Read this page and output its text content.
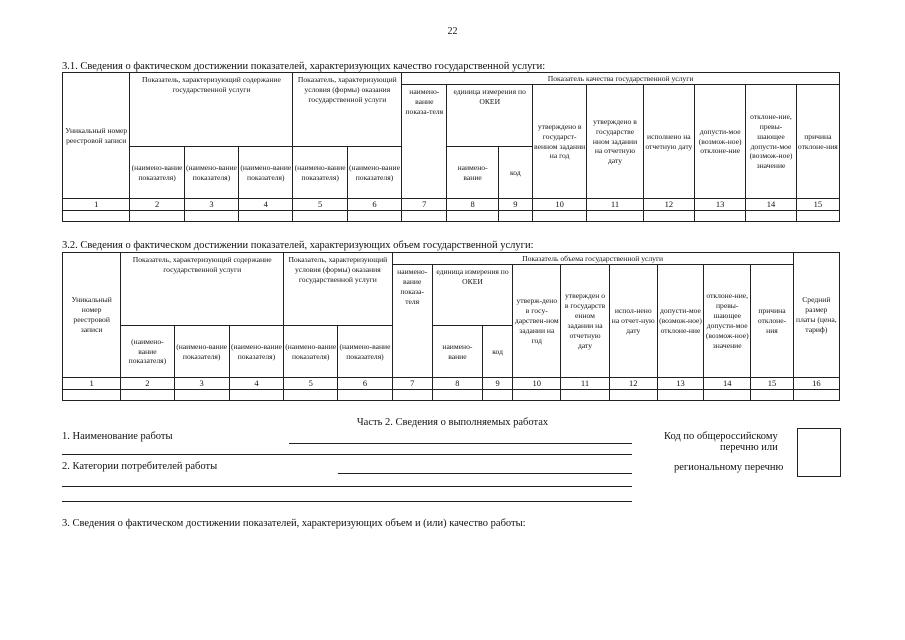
22
3.1. Сведения о фактическом достижении показателей, характеризующих качество государственной услуги:
Уникальный номер реестровой записи	Показатель, характеризующий содержание государственной услуги			Показатель, характеризующий условия (формы) оказания государственной услуги		Показатель качества государственной услуги								
						наимено-вание показа-теля	единица измерения по ОКЕИ		утверждено в государст-венном задании на год	утверждено в государстве нном задании на отчетную дату	исполнено на отчетную дату	допусти-мое (возмож-ное) отклоне-ние	отклоне-ние, превы-шающее допусти-мое (возмож-ное) значение	причина отклоне-ния
	(наимено-вание показателя)	(наимено-вание показателя)	(наимено-вание показателя)	(наимено-вание показателя)	(наимено-вание показателя)		наимено-вание	код						
1	2	3	4	5	6	7	8	9	10	11	12	13	14	15

3.2. Сведения о фактическом достижении показателей, характеризующих объем государственной услуги:
Уникальный номер реестровой записи	Показатель, характеризующий содержание государственной услуги			Показатель, характеризующий условия (формы) оказания государственной услуги		Показатель объема государственной услуги									Средний размер платы (цена, тариф)
						наимено-вание показа-теля	единица измерения по ОКЕИ		утверж-дено в госу-дарствен-ном задании на год	утвержден о в государств енном задании на отчетную дату	испол-нено на отчет-ную дату	допусти-мое (возмож-ное) отклоне-ние	отклоне-ние, превы-шающее допусти-мое (возмож-ное) значение	причина отклоне-ния	
	(наимено-вание показателя)	(наимено-вание показателя)	(наимено-вание показателя)	(наимено-вание показателя)	(наимено-вание показателя)		наимено-вание	код							
1	2	3	4	5	6	7	8	9	10	11	12	13	14	15	16

Часть 2. Сведения о выполняемых работах
1. Наименование работы
2. Категории потребителей работы
Код по общероссийскому
перечню или
региональному перечню
3. Сведения о фактическом достижении показателей, характеризующих объем и (или) качество работы:
